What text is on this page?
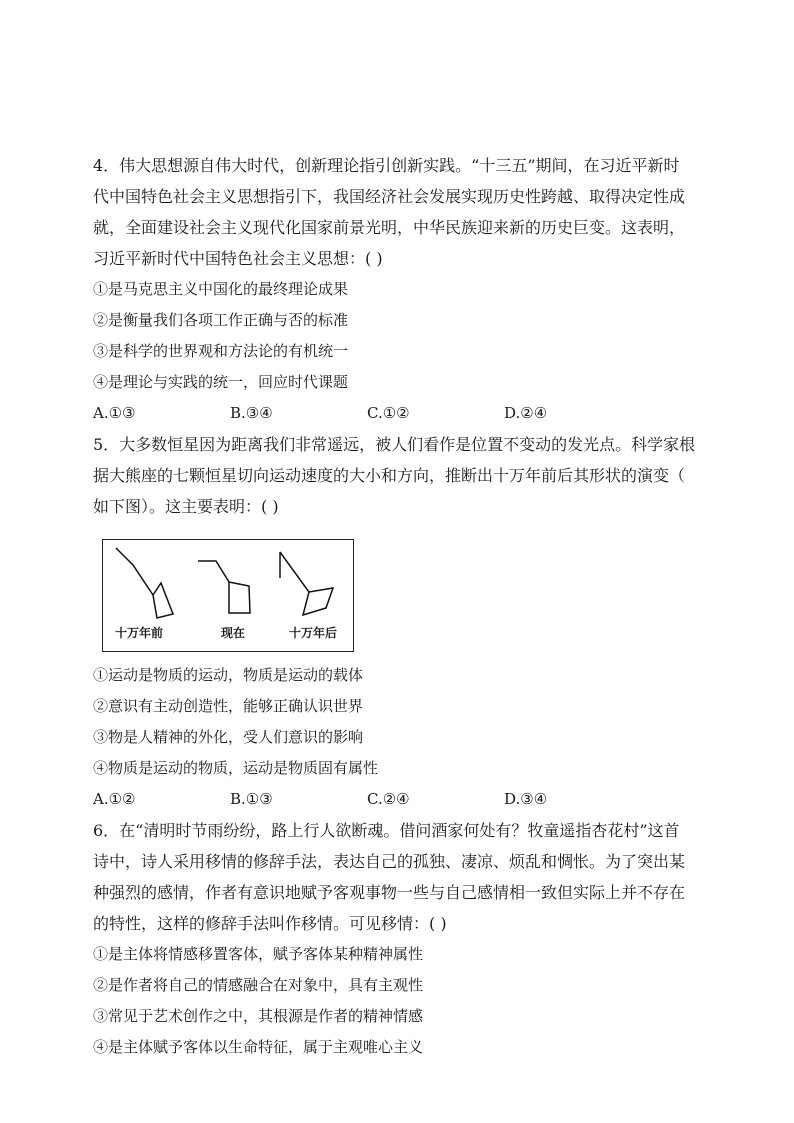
4．伟大思想源自伟大时代，创新理论指引创新实践。“十三五”期间，在习近平新时

代中国特色社会主义思想指引下，我国经济社会发展实现历史性跨越、取得决定性成

就，全面建设社会主义现代化国家前景光明，中华民族迎来新的历史巨变。这表明，

习近平新时代中国特色社会主义思想：( )

①是马克思主义中国化的最终理论成果

②是衡量我们各项工作正确与否的标准

③是科学的世界观和方法论的有机统一

④是理论与实践的统一，回应时代课题

A.①③	B.③④	C.①②	D.②④

5．大多数恒星因为距离我们非常遥远，被人们看作是位置不变动的发光点。科学家根

据大熊座的七颗恒星切向运动速度的大小和方向，推断出十万年前后其形状的演变（

如下图）。这主要表明：( )

十万年前	现在	十万年后

①运动是物质的运动，物质是运动的载体

②意识有主动创造性，能够正确认识世界

③物是人精神的外化，受人们意识的影响

④物质是运动的物质，运动是物质固有属性

A.①②	B.①③	C.②④	D.③④

6．在“清明时节雨纷纷，路上行人欲断魂。借问酒家何处有？牧童遥指杏花村”这首

诗中，诗人采用移情的修辞手法，表达自己的孤独、凄凉、烦乱和惆怅。为了突出某

种强烈的感情，作者有意识地赋予客观事物一些与自己感情相一致但实际上并不存在

的特性，这样的修辞手法叫作移情。可见移情：( )

①是主体将情感移置客体，赋予客体某种精神属性

②是作者将自己的情感融合在对象中，具有主观性

③常见于艺术创作之中，其根源是作者的精神情感

④是主体赋予客体以生命特征，属于主观唯心主义
